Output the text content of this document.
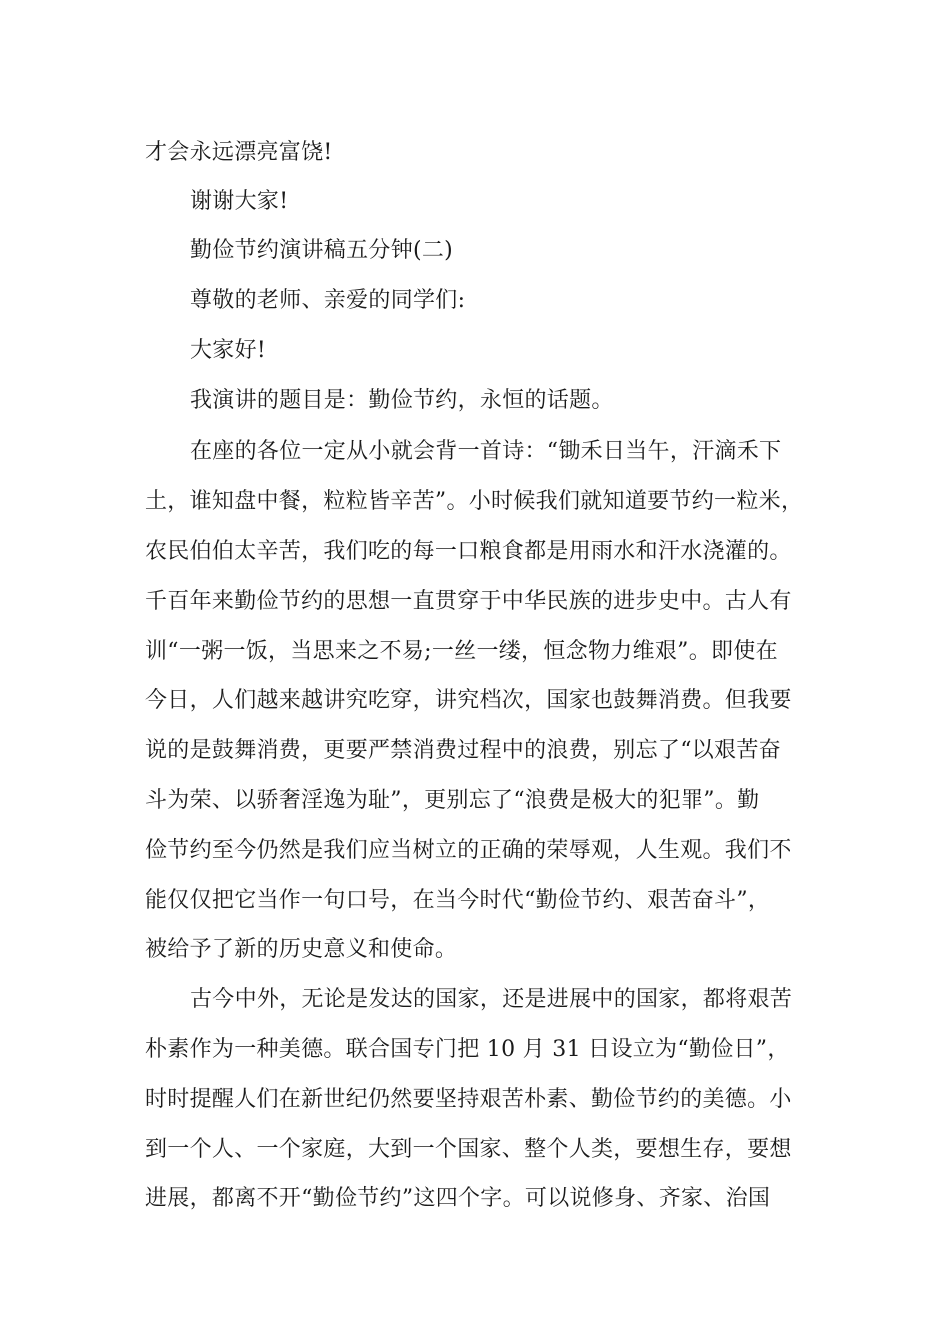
才会永远漂亮富饶!

谢谢大家!

勤俭节约演讲稿五分钟(二)

尊敬的老师、亲爱的同学们:

大家好!

我演讲的题目是：勤俭节约，永恒的话题。

在座的各位一定从小就会背一首诗：“锄禾日当午，汗滴禾下

土，谁知盘中餐，粒粒皆辛苦”。小时候我们就知道要节约一粒米，

农民伯伯太辛苦，我们吃的每一口粮食都是用雨水和汗水浇灌的。

千百年来勤俭节约的思想一直贯穿于中华民族的进步史中。古人有

训“一粥一饭，当思来之不易;一丝一缕，恒念物力维艰”。即使在

今日，人们越来越讲究吃穿，讲究档次，国家也鼓舞消费。但我要

说的是鼓舞消费，更要严禁消费过程中的浪费，别忘了“以艰苦奋

斗为荣、以骄奢淫逸为耻”，更别忘了“浪费是极大的犯罪”。勤

俭节约至今仍然是我们应当树立的正确的荣辱观，人生观。我们不

能仅仅把它当作一句口号，在当今时代“勤俭节约、艰苦奋斗”，

被给予了新的历史意义和使命。

古今中外，无论是发达的国家，还是进展中的国家，都将艰苦

朴素作为一种美德。联合国专门把 10 月 31 日设立为“勤俭日”，

时时提醒人们在新世纪仍然要坚持艰苦朴素、勤俭节约的美德。小

到一个人、一个家庭，大到一个国家、整个人类，要想生存，要想

进展，都离不开“勤俭节约”这四个字。可以说修身、齐家、治国
